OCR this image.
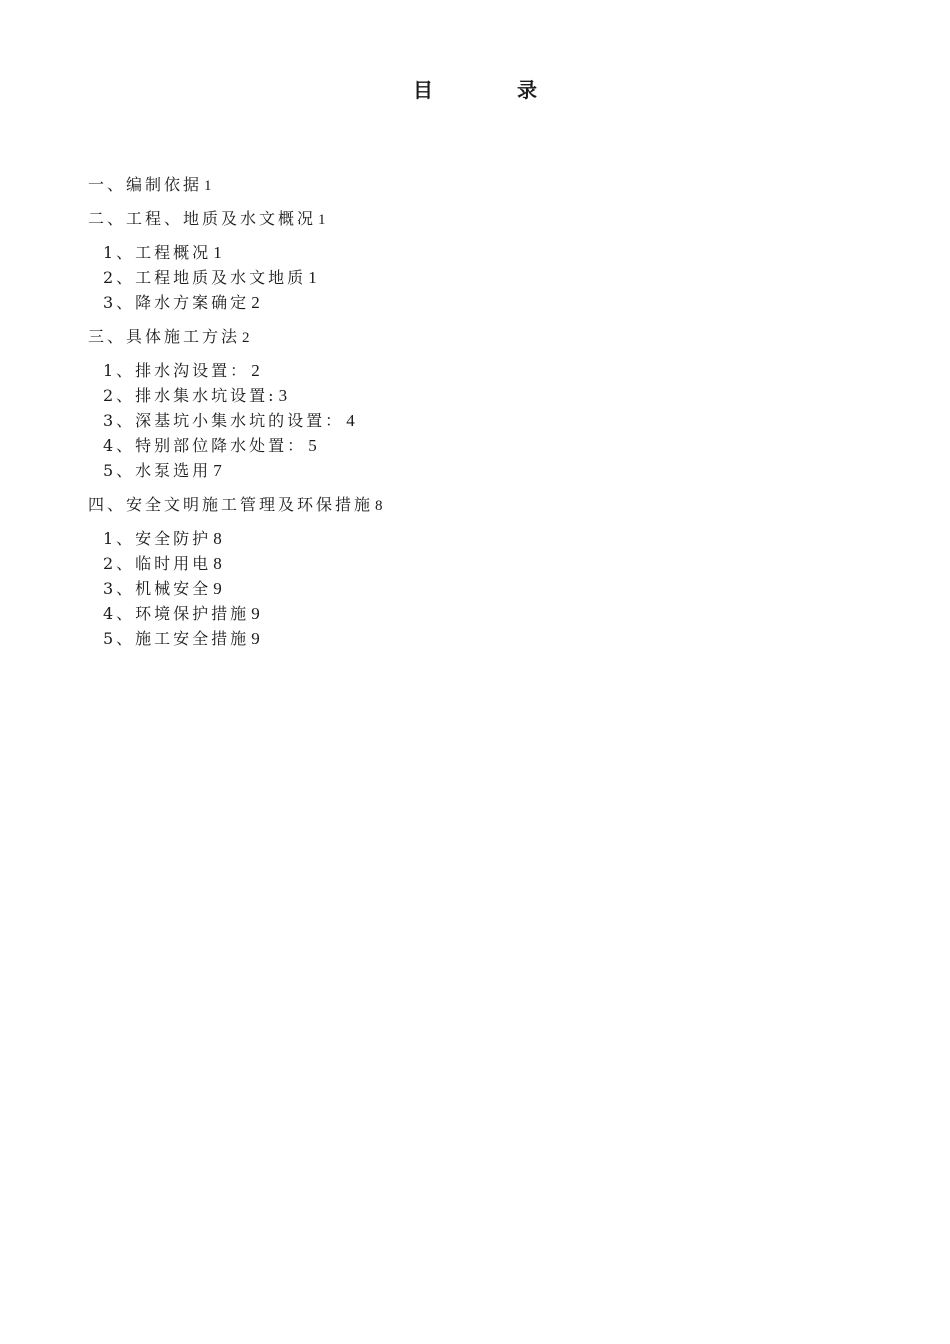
目　录
一、编制依据 1
二、工程、地质及水文概况 1
1、工程概况 1
2、工程地质及水文地质 1
3、降水方案确定 2
三、具体施工方法 2
1、排水沟设置： 2
2、排水集水坑设置: 3
3、深基坑小集水坑的设置： 4
4、特别部位降水处置： 5
5、水泵选用 7
四、安全文明施工管理及环保措施 8
1、安全防护 8
2、临时用电 8
3、机械安全 9
4、环境保护措施 9
5、施工安全措施 9
